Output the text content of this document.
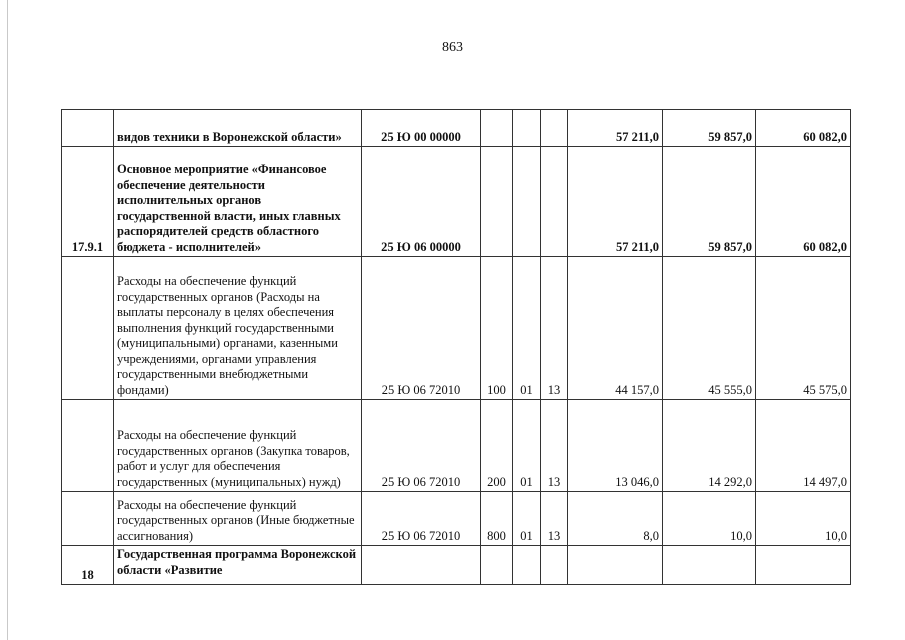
863
	видов техники в Воронежской области»	25 Ю 00 00000				57 211,0	59 857,0	60 082,0
17.9.1	Основное мероприятие «Финансовое обеспечение деятельности исполнительных органов государственной власти, иных главных распорядителей средств областного бюджета - исполнителей»	25 Ю 06 00000				57 211,0	59 857,0	60 082,0
	Расходы на обеспечение функций государственных органов (Расходы на выплаты персоналу в целях обеспечения выполнения функций государственными (муниципальными) органами, казенными учреждениями, органами управления государственными внебюджетными фондами)	25 Ю 06 72010	100	01	13	44 157,0	45 555,0	45 575,0
	Расходы на обеспечение функций государственных органов (Закупка товаров, работ и услуг для обеспечения государственных (муниципальных) нужд)	25 Ю 06 72010	200	01	13	13 046,0	14 292,0	14 497,0
	Расходы на обеспечение функций государственных органов (Иные бюджетные ассигнования)	25 Ю 06 72010	800	01	13	8,0	10,0	10,0
18	Государственная программа Воронежской области «Развитие							
